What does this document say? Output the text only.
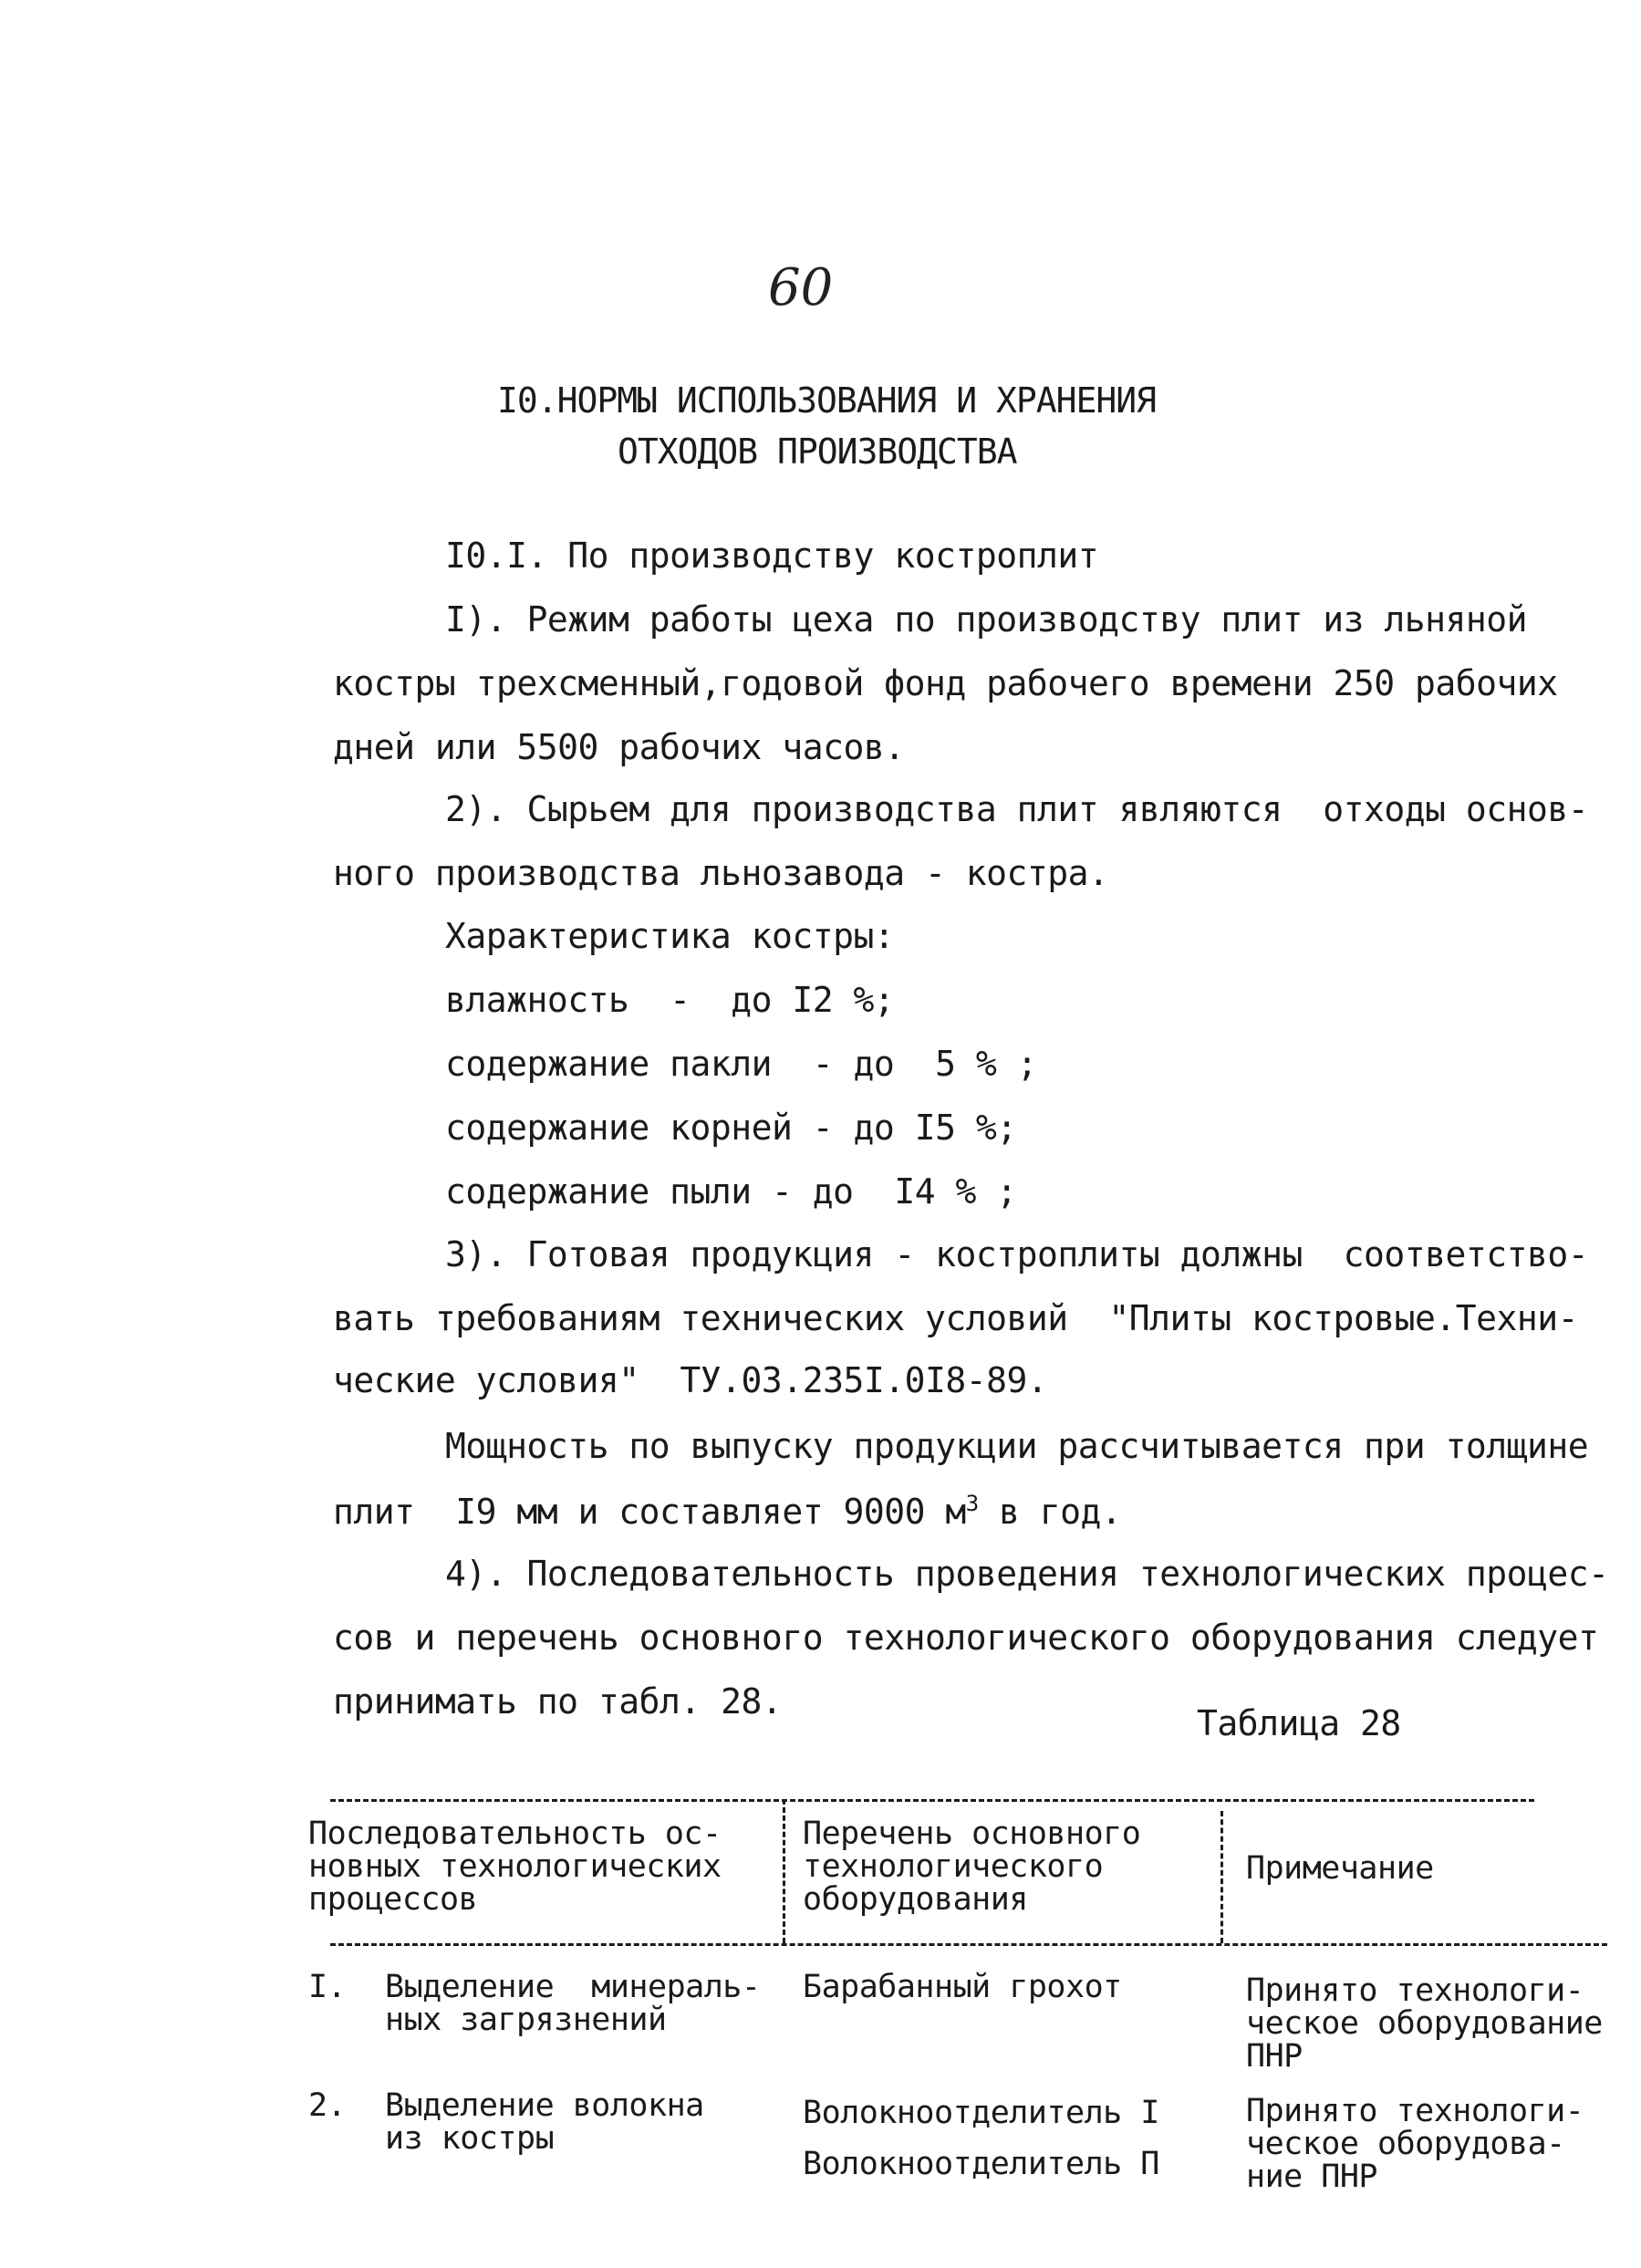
60
I0.НОРМЫ ИСПОЛЬЗОВАНИЯ И ХРАНЕНИЯ
ОТХОДОВ ПРОИЗВОДСТВА
I0.I. По производству костроплит
I). Режим работы цеха по производству плит из льняной
костры трехсменный,годовой фонд рабочего времени 250 рабочих
дней или 5500 рабочих часов.
2). Сырьем для производства плит являются  отходы основ-
ного производства льнозавода - костра.
Характеристика костры:
влажность  -  до I2 %;
содержание пакли  - до  5 % ;
содержание корней - до I5 %;
содержание пыли - до  I4 % ;
3). Готовая продукция - костроплиты должны  соответство-
вать требованиям технических условий  "Плиты костровые.Техни-
ческие условия"  ТУ.03.235I.0I8-89.
Мощность по выпуску продукции рассчитывается при толщине
плит  I9 мм и составляет 9000 $м^3$ в год.
4). Последовательность проведения технологических процес-
сов и перечень основного технологического оборудования следует
принимать по табл. 28.
Таблица 28
Последовательность ос-
новных технологических
процессов
Перечень основного
технологического
оборудования
Примечание
I. Выделение  минераль-
ных загрязнений
Барабанный грохот	Принято технологи-
ческое оборудование
ПНР
2. Выделение волокна
из костры
Волокноотделитель I
Волокноотделитель П
Принято технологи-
ческое оборудова-
ние ПНР
